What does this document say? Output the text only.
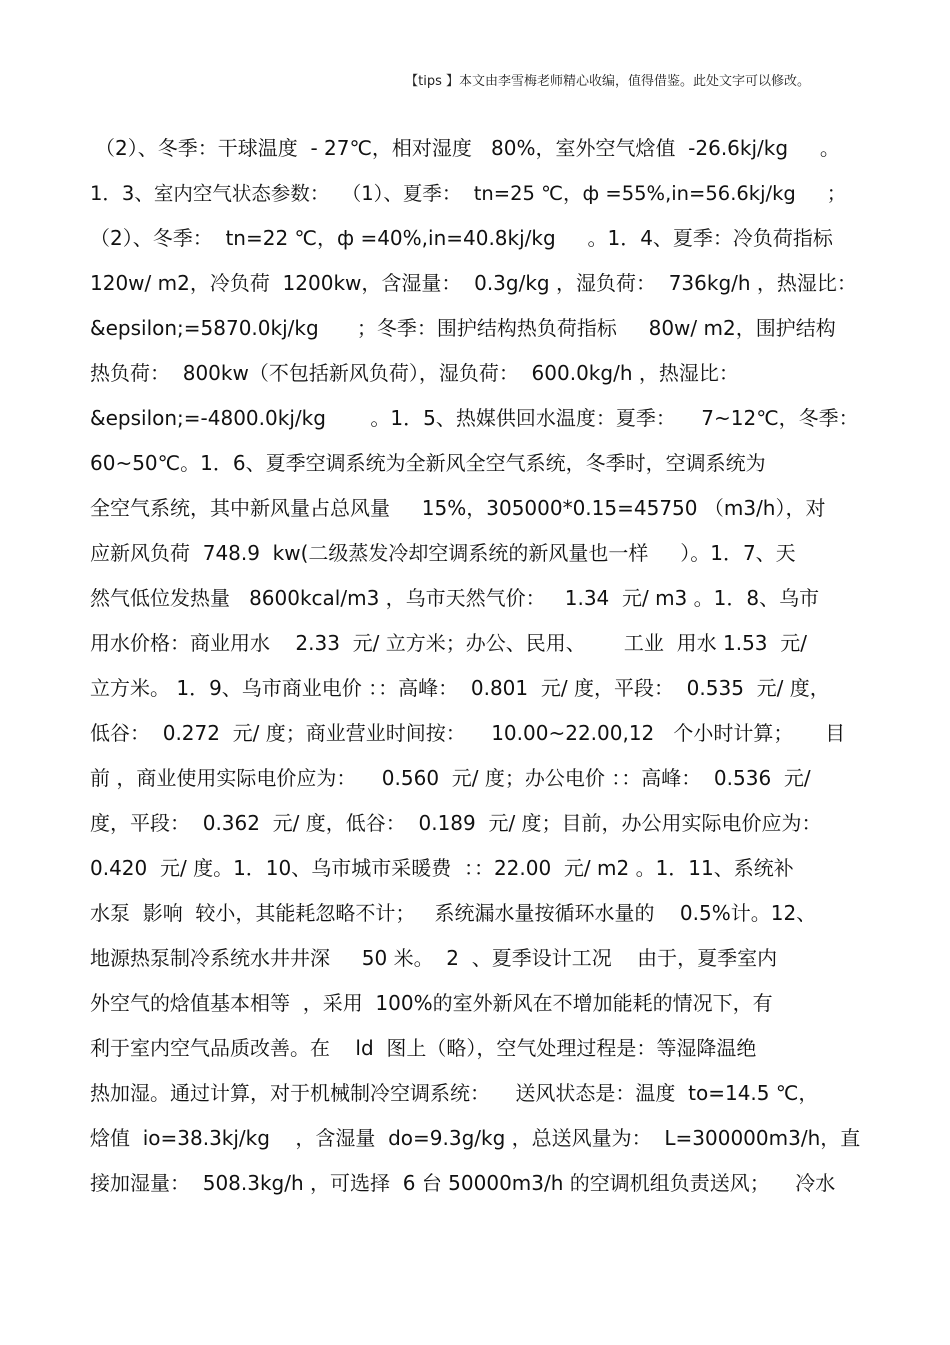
【tips 】本文由李雪梅老师精心收编，值得借鉴。此处文字可以修改。
（2）、冬季：干球温度  - 27℃，相对湿度   80%，室外空气焓值  -26.6kj/kg     。
1．3、室内空气状态参数：  （1）、夏季：  tn=25 ℃，ф =55%,in=56.6kj/kg     ；
（2）、冬季：  tn=22 ℃，ф =40%,in=40.8kj/kg     。1．4、夏季：冷负荷指标
120w/ m2，冷负荷  1200kw，含湿量：  0.3g/kg ，湿负荷：  736kg/h ，热湿比：
&epsilon;=5870.0kj/kg      ；冬季：围护结构热负荷指标     80w/ m2，围护结构
热负荷：  800kw（不包括新风负荷），湿负荷：  600.0kg/h ，热湿比：
&epsilon;=-4800.0kj/kg       。1．5、热媒供回水温度：夏季：    7~12℃，冬季：
60~50℃。1．6、夏季空调系统为全新风全空气系统，冬季时，空调系统为
全空气系统，其中新风量占总风量     15%，305000*0.15=45750 （m3/h），对
应新风负荷  748.9  kw(二级蒸发冷却空调系统的新风量也一样     ）。1．7、天
然气低位发热量   8600kcal/m3 ，乌市天然气价：   1.34  元/ m3 。1．8、乌市
用水价格：商业用水    2.33  元/ 立方米；办公、民用、      工业  用水 1.53  元/
立方米。 1．9、乌市商业电价 ：：高峰：  0.801  元/ 度，平段：  0.535  元/ 度，
低谷：  0.272  元/ 度；商业营业时间按：    10.00~22.00,12   个小时计算；     目
前 ，商业使用实际电价应为：    0.560  元/ 度；办公电价 ：：高峰：  0.536  元/
度，平段：  0.362  元/ 度，低谷：  0.189  元/ 度；目前，办公用实际电价应为：
0.420  元/ 度。1．10、乌市城市采暖费  ：：22.00  元/ m2 。1．11、系统补
水泵  影响  较小，其能耗忽略不计；   系统漏水量按循环水量的    0.5%计。12、
地源热泵制冷系统水井井深     50 米。  2  、夏季设计工况    由于，夏季室内
外空气的焓值基本相等  ，采用  100%的室外新风在不增加能耗的情况下，有
利于室内空气品质改善。在    ld  图上（略），空气处理过程是：等湿降温绝
热加湿。通过计算，对于机械制冷空调系统：    送风状态是：温度  to=14.5 ℃，
焓值  io=38.3kj/kg    ，含湿量  do=9.3g/kg ，总送风量为：  L=300000m3/h，直
接加湿量：  508.3kg/h ，可选择  6 台 50000m3/h 的空调机组负责送风；    冷水
